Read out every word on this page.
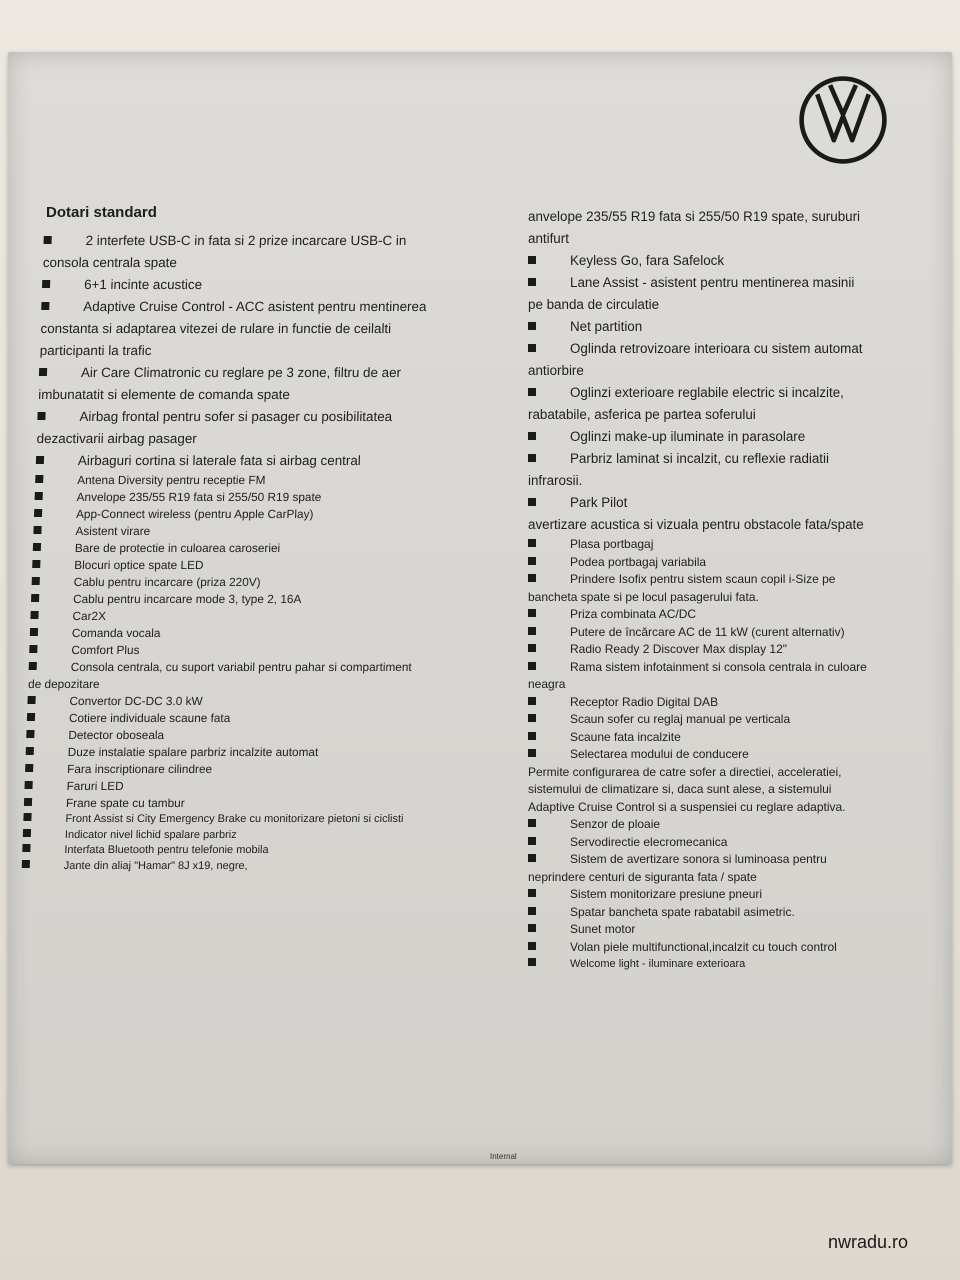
Dotari standard
2 interfete USB-C in fata si 2 prize incarcare USB-C in consola centrala spate
6+1 incinte acustice
Adaptive Cruise Control - ACC asistent pentru mentinerea constanta si adaptarea vitezei de rulare in functie de ceilalti participanti la trafic
Air Care Climatronic cu reglare pe 3 zone, filtru de aer imbunatatit si elemente de comanda spate
Airbag frontal pentru sofer si pasager cu posibilitatea dezactivarii airbag pasager
Airbaguri cortina si laterale fata si airbag central
Antena Diversity pentru receptie FM
Anvelope 235/55 R19 fata si 255/50 R19 spate
App-Connect wireless (pentru Apple CarPlay)
Asistent virare
Bare de protectie in culoarea caroseriei
Blocuri optice spate LED
Cablu pentru incarcare (priza 220V)
Cablu pentru incarcare mode 3, type 2, 16A
Car2X
Comanda vocala
Comfort Plus
Consola centrala, cu suport variabil pentru pahar si compartiment de depozitare
Convertor DC-DC 3.0 kW
Cotiere individuale scaune fata
Detector oboseala
Duze instalatie spalare parbriz incalzite automat
Fara inscriptionare cilindree
Faruri LED
Frane spate cu tambur
Front Assist si City Emergency Brake cu monitorizare pietoni si ciclisti
Indicator nivel lichid spalare parbriz
Interfata Bluetooth pentru telefonie mobila
Jante din aliaj "Hamar" 8J x19, negre,
anvelope 235/55 R19 fata si 255/50 R19 spate, suruburi antifurt
Keyless Go, fara Safelock
Lane Assist - asistent pentru mentinerea masinii pe banda de circulatie
Net partition
Oglinda retrovizoare interioara cu sistem automat antiorbire
Oglinzi exterioare reglabile electric si incalzite, rabatabile, asferica pe partea soferului
Oglinzi make-up iluminate in parasolare
Parbriz laminat si incalzit, cu reflexie radiatii infrarosii.
Park Pilot
avertizare acustica si vizuala pentru obstacole fata/spate
Plasa portbagaj
Podea portbagaj variabila
Prindere Isofix pentru sistem scaun copil i-Size pe bancheta spate si pe locul pasagerului fata.
Priza combinata AC/DC
Putere de încărcare AC de 11 kW (curent alternativ)
Radio Ready 2 Discover Max display 12"
Rama sistem infotainment si consola centrala in culoare neagra
Receptor Radio Digital DAB
Scaun sofer cu reglaj manual pe verticala
Scaune fata incalzite
Selectarea modului de conducere
Permite configurarea de catre sofer a directiei, acceleratiei, sistemului de climatizare si, daca sunt alese, a sistemului Adaptive Cruise Control si a suspensiei cu reglare adaptiva.
Senzor de ploaie
Servodirectie elecromecanica
Sistem de avertizare sonora si luminoasa pentru neprindere centuri de siguranta fata / spate
Sistem monitorizare presiune pneuri
Spatar bancheta spate rabatabil asimetric.
Sunet motor
Volan piele multifunctional,incalzit cu touch control
Welcome light - iluminare exterioara
Internal
nwradu.ro
